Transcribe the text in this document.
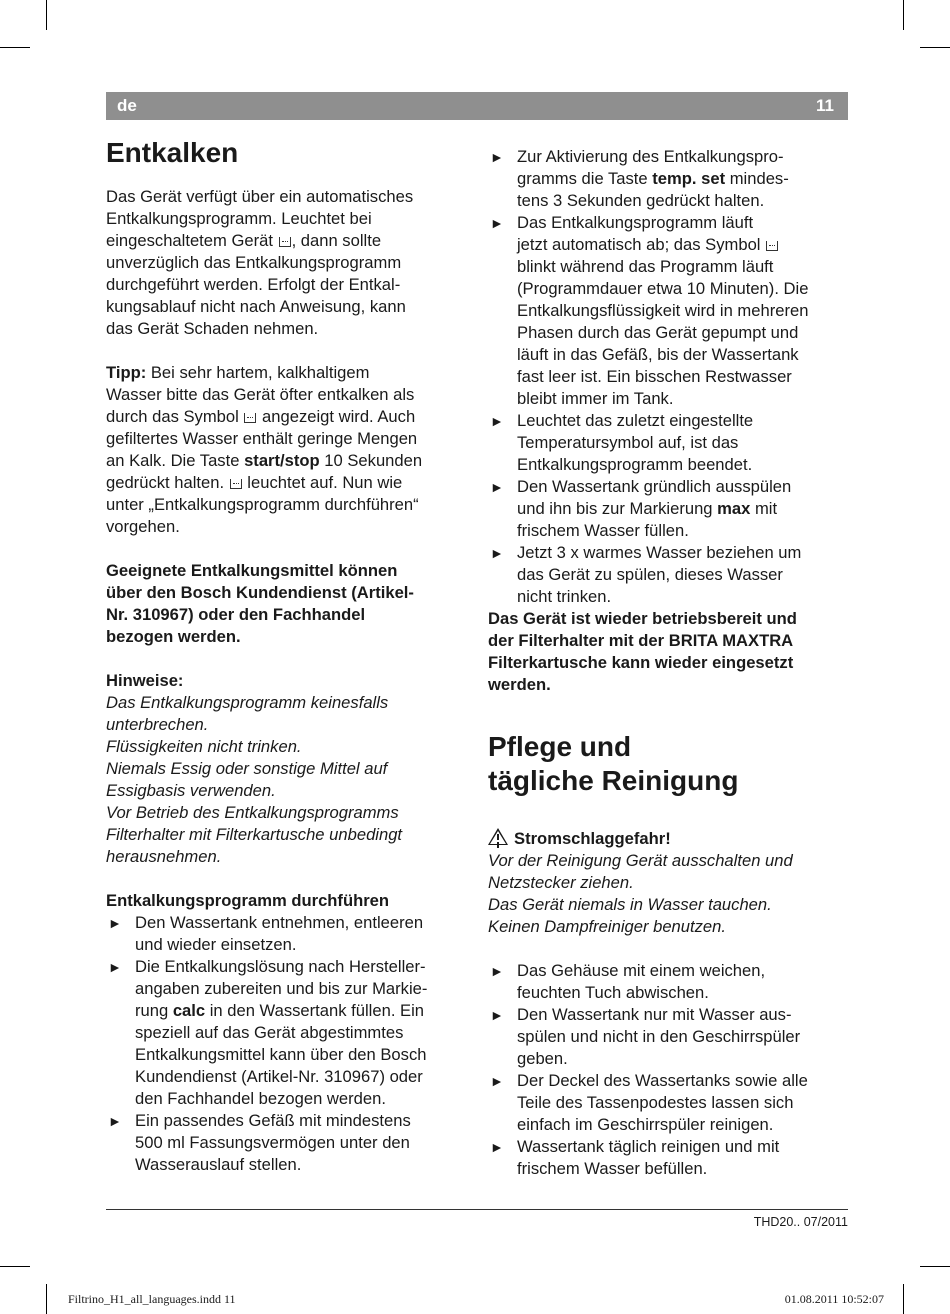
de	11
Entkalken
Das Gerät verfügt über ein automatisches
Entkalkungsprogramm. Leuchtet bei
eingeschaltetem Gerät , dann sollte
unverzüglich das Entkalkungsprogramm
durchgeführt werden. Erfolgt der Entkal-
kungsablauf nicht nach Anweisung, kann
das Gerät Schaden nehmen.
Tipp: Bei sehr hartem, kalkhaltigem
Wasser bitte das Gerät öfter entkalken als
durch das Symbol  angezeigt wird. Auch
gefiltertes Wasser enthält geringe Mengen
an Kalk. Die Taste start/stop 10 Sekunden
gedrückt halten.  leuchtet auf. Nun wie
unter „Entkalkungsprogramm durchführen“
vorgehen.
Geeignete Entkalkungsmittel können
über den Bosch Kundendienst (Artikel-
Nr. 310967) oder den Fachhandel
bezogen werden.
Hinweise:
Das Entkalkungsprogramm keinesfalls
unterbrechen.
Flüssigkeiten nicht trinken.
Niemals Essig oder sonstige Mittel auf
Essigbasis verwenden.
Vor Betrieb des Entkalkungsprogramms
Filterhalter mit Filterkartusche unbedingt
herausnehmen.
Entkalkungsprogramm durchführen
► Den Wassertank entnehmen, entleeren
und wieder einsetzen.
► Die Entkalkungslösung nach Hersteller-
angaben zubereiten und bis zur Markie-
rung calc in den Wassertank füllen. Ein
speziell auf das Gerät abgestimmtes
Entkalkungsmittel kann über den Bosch
Kundendienst (Artikel-Nr. 310967) oder
den Fachhandel bezogen werden.
► Ein passendes Gefäß mit mindestens
500 ml Fassungsvermögen unter den
Wasserauslauf stellen.
► Zur Aktivierung des Entkalkungspro-
gramms die Taste temp. set mindes-
tens 3 Sekunden gedrückt halten.
► Das Entkalkungsprogramm läuft
jetzt automatisch ab; das Symbol
blinkt während das Programm läuft
(Programmdauer etwa 10 Minuten). Die
Entkalkungsflüssigkeit wird in mehreren
Phasen durch das Gerät gepumpt und
läuft in das Gefäß, bis der Wassertank
fast leer ist. Ein bisschen Restwasser
bleibt immer im Tank.
► Leuchtet das zuletzt eingestellte
Temperatursymbol auf, ist das
Entkalkungsprogramm beendet.
► Den Wassertank gründlich ausspülen
und ihn bis zur Markierung max mit
frischem Wasser füllen.
► Jetzt 3 x warmes Wasser beziehen um
das Gerät zu spülen, dieses Wasser
nicht trinken.
Das Gerät ist wieder betriebsbereit und
der Filterhalter mit der BRITA MAXTRA
Filterkartusche kann wieder eingesetzt
werden.
Pflege und
tägliche Reinigung
Stromschlaggefahr!
Vor der Reinigung Gerät ausschalten und
Netzstecker ziehen.
Das Gerät niemals in Wasser tauchen.
Keinen Dampfreiniger benutzen.
► Das Gehäuse mit einem weichen,
feuchten Tuch abwischen.
► Den Wassertank nur mit Wasser aus-
spülen und nicht in den Geschirrspüler
geben.
► Der Deckel des Wassertanks sowie alle
Teile des Tassenpodestes lassen sich
einfach im Geschirrspüler reinigen.
► Wassertank täglich reinigen und mit
frischem Wasser befüllen.
THD20.. 07/2011
Filtrino_H1_all_languages.indd 11	01.08.2011 10:52:07
